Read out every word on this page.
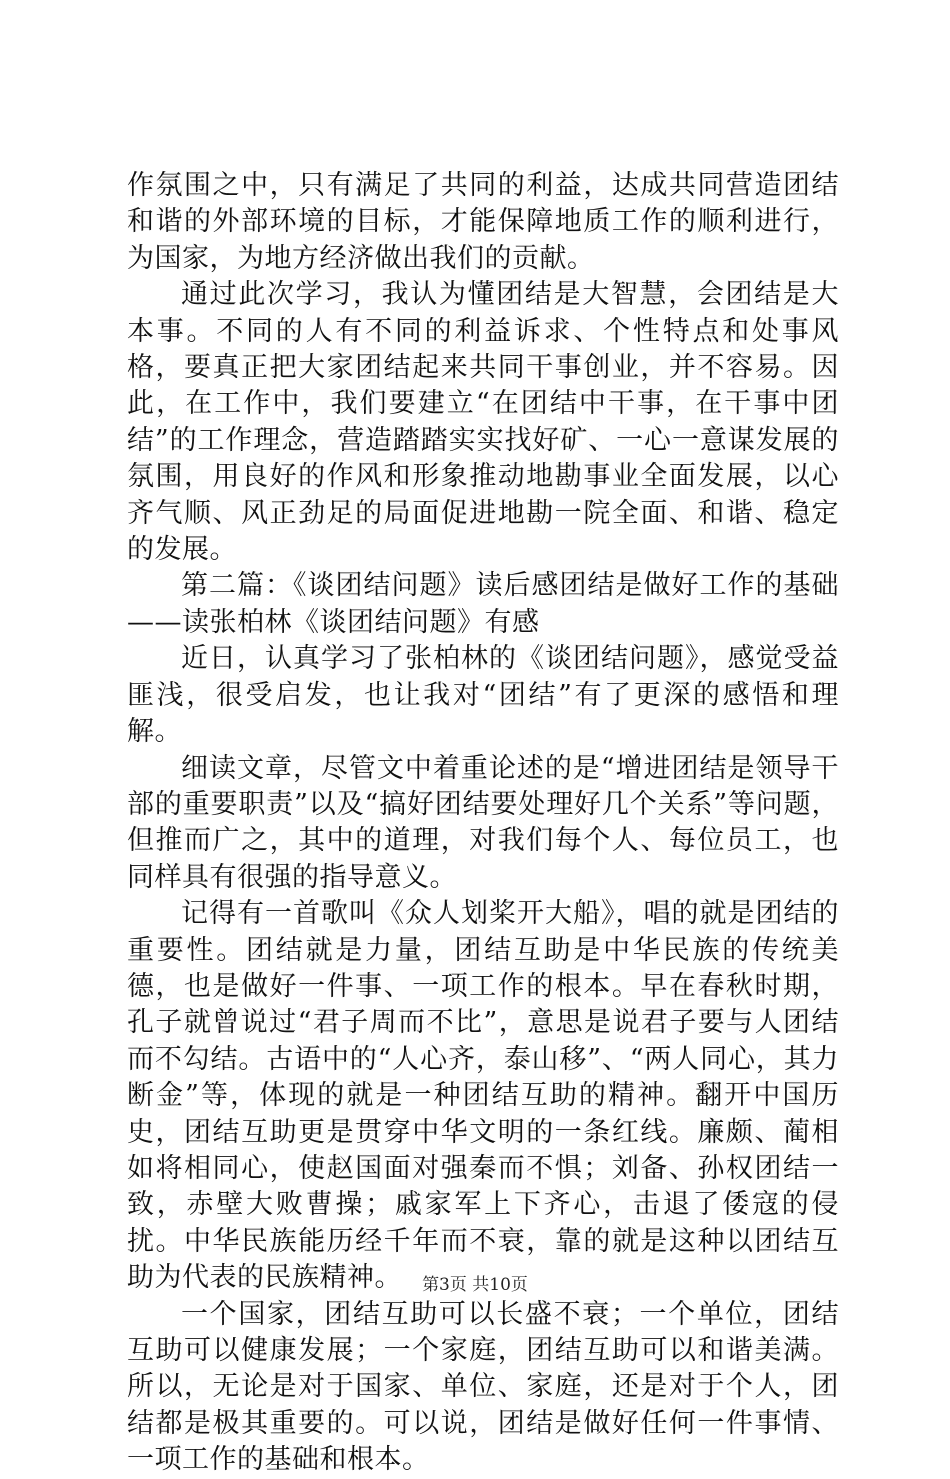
作氛围之中，只有满足了共同的利益，达成共同营造团结和谐的外部环境的目标，才能保障地质工作的顺利进行，为国家，为地方经济做出我们的贡献。

通过此次学习，我认为懂团结是大智慧，会团结是大本事。不同的人有不同的利益诉求、个性特点和处事风格，要真正把大家团结起来共同干事创业，并不容易。因此，在工作中，我们要建立“在团结中干事，在干事中团结”的工作理念，营造踏踏实实找好矿、一心一意谋发展的氛围，用良好的作风和形象推动地勘事业全面发展，以心齐气顺、风正劲足的局面促进地勘一院全面、和谐、稳定的发展。

第二篇：《谈团结问题》读后感团结是做好工作的基础——读张柏林《谈团结问题》有感

近日，认真学习了张柏林的《谈团结问题》，感觉受益匪浅，很受启发，也让我对“团结”有了更深的感悟和理解。

细读文章，尽管文中着重论述的是“增进团结是领导干部的重要职责”以及“搞好团结要处理好几个关系”等问题，但推而广之，其中的道理，对我们每个人、每位员工，也同样具有很强的指导意义。

记得有一首歌叫《众人划桨开大船》，唱的就是团结的重要性。团结就是力量，团结互助是中华民族的传统美德，也是做好一件事、一项工作的根本。早在春秋时期，孔子就曾说过“君子周而不比”，意思是说君子要与人团结而不勾结。古语中的“人心齐，泰山移”、“两人同心，其力断金”等，体现的就是一种团结互助的精神。翻开中国历史，团结互助更是贯穿中华文明的一条红线。廉颇、蔺相如将相同心，使赵国面对强秦而不惧；刘备、孙权团结一致，赤壁大败曹操；戚家军上下齐心，击退了倭寇的侵扰。中华民族能历经千年而不衰，靠的就是这种以团结互助为代表的民族精神。

一个国家，团结互助可以长盛不衰；一个单位，团结互助可以健康发展；一个家庭，团结互助可以和谐美满。所以，无论是对于国家、单位、家庭，还是对于个人，团结都是极其重要的。可以说，团结是做好任何一件事情、一项工作的基础和根本。

第3页 共10页
